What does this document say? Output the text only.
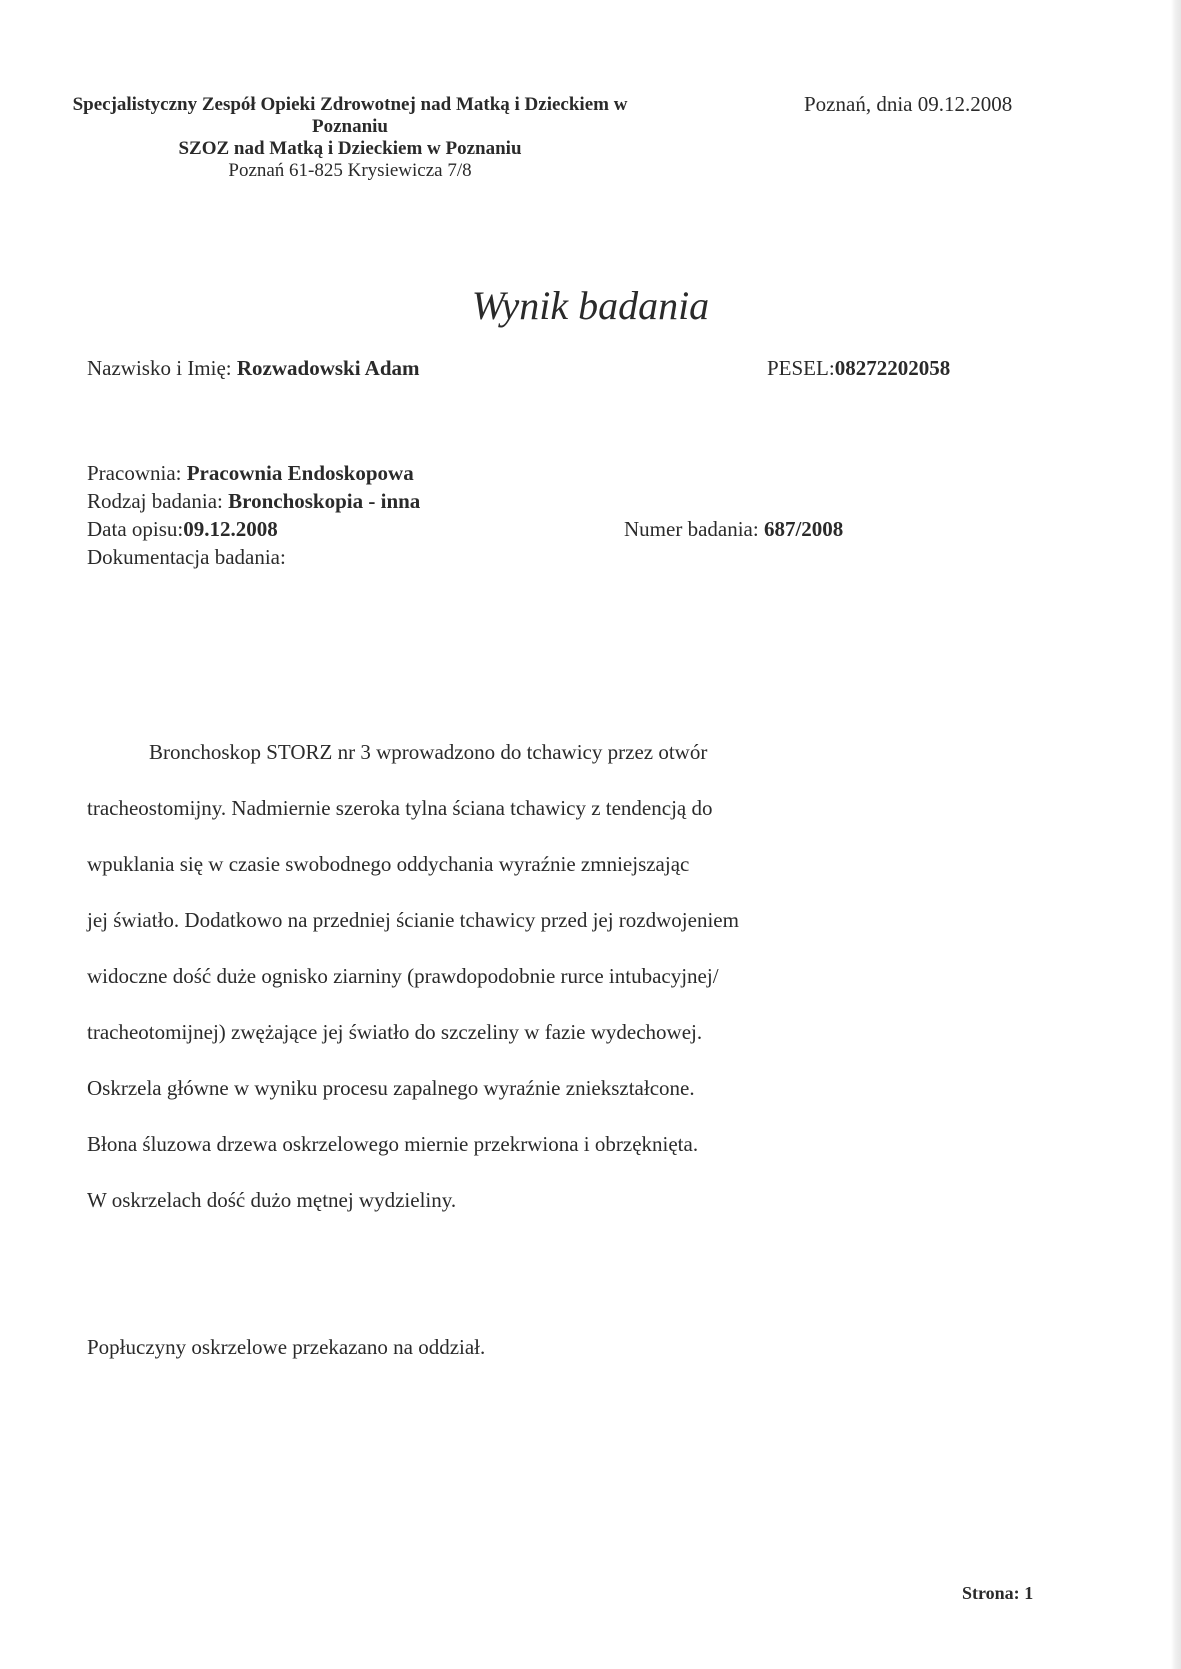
Specjalistyczny Zespół Opieki Zdrowotnej nad Matką i Dzieckiem w
Poznaniu
SZOZ nad Matką i Dzieckiem w Poznaniu
Poznań 61-825 Krysiewicza 7/8
Poznań, dnia 09.12.2008
Wynik badania
Nazwisko i Imię: Rozwadowski Adam	PESEL:08272202058
Pracownia: Pracownia Endoskopowa
Rodzaj badania: Bronchoskopia - inna
Data opisu:09.12.2008	Numer badania: 687/2008
Dokumentacja badania:
Bronchoskop STORZ nr 3 wprowadzono do tchawicy przez otwór
tracheostomijny. Nadmiernie szeroka tylna ściana tchawicy z tendencją do
wpuklania się w czasie swobodnego oddychania wyraźnie zmniejszając
jej światło. Dodatkowo na przedniej ścianie tchawicy przed jej rozdwojeniem
widoczne dość duże ognisko ziarniny (prawdopodobnie rurce intubacyjnej/
tracheotomijnej) zwężające jej światło do szczeliny w fazie wydechowej.
Oskrzela główne w wyniku procesu zapalnego wyraźnie zniekształcone.
Błona śluzowa drzewa oskrzelowego miernie przekrwiona i obrzęknięta.
W oskrzelach dość dużo mętnej wydzieliny.
Popłuczyny oskrzelowe przekazano na oddział.
Strona: 1
